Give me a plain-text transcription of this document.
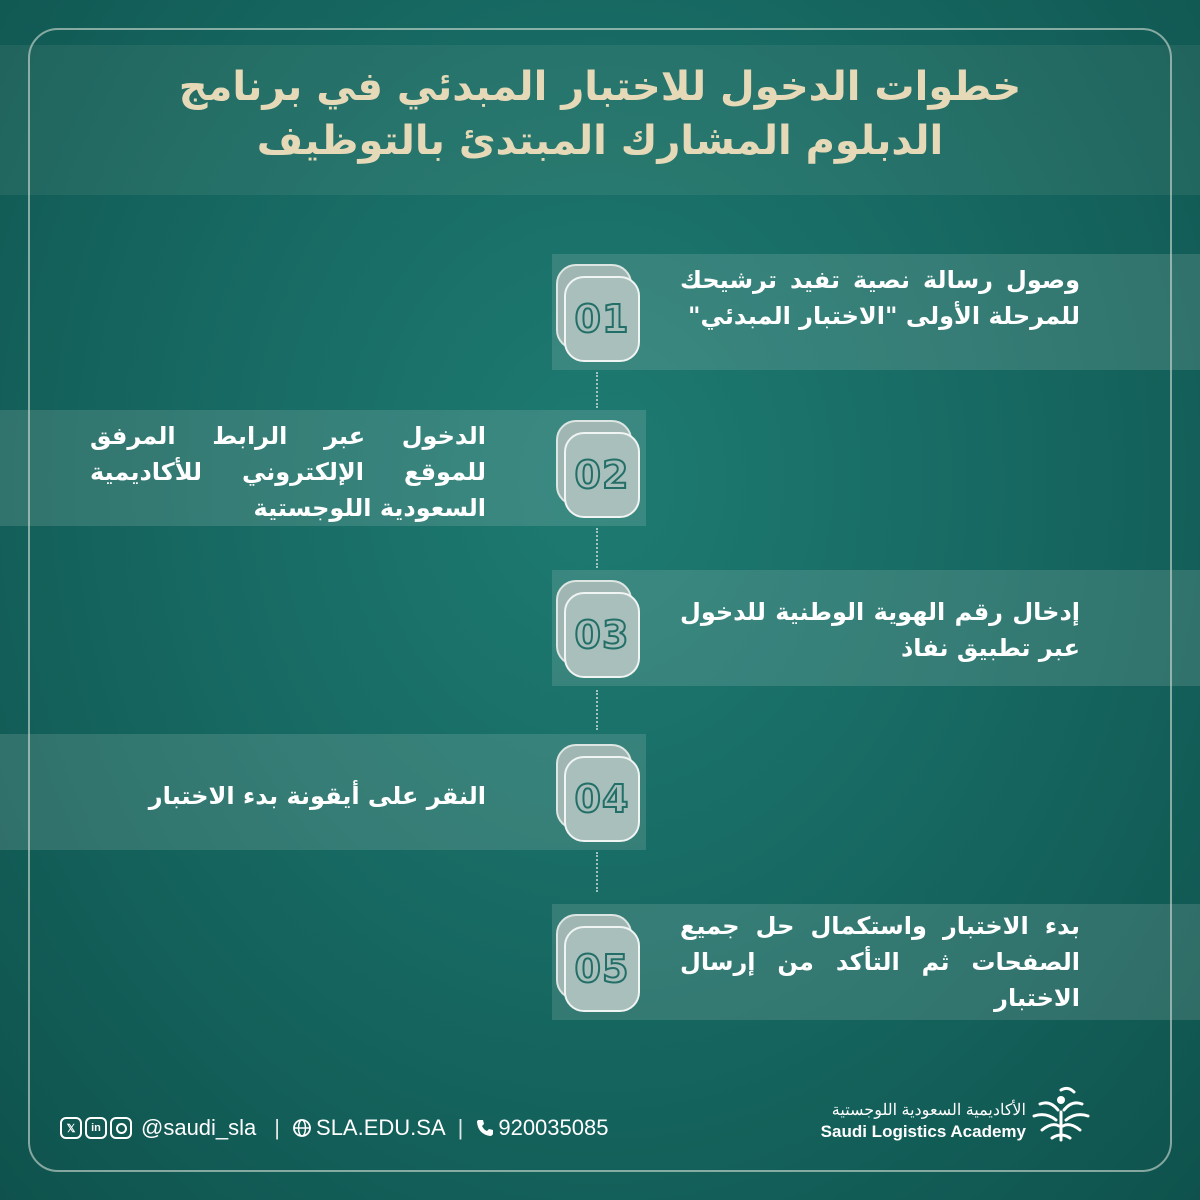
خطوات الدخول للاختبار المبدئي في برنامج
الدبلوم المشارك المبتدئ بالتوظيف
01
وصول رسالة نصية تفيد ترشيحك للمرحلة الأولى "الاختبار المبدئي"
02
الدخول عبر الرابط المرفق للموقع الإلكتروني للأكاديمية السعودية اللوجستية
03
إدخال رقم الهوية الوطنية للدخول عبر تطبيق نفاذ
04
النقر على أيقونة بدء الاختبار
05
بدء الاختبار واستكمال حل جميع الصفحات ثم التأكد من إرسال الاختبار
𝕏	in @saudi_sla | SLA.EDU.SA | 920035085
الأكاديمية السعودية اللوجستية
Saudi Logistics Academy
